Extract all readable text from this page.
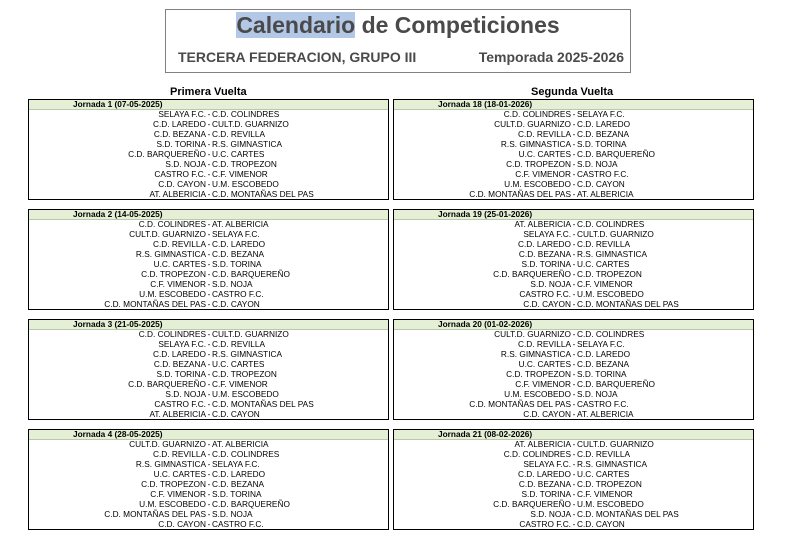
Calendario de Competiciones
TERCERA FEDERACION, GRUPO III	Temporada 2025-2026
Primera Vuelta	Segunda Vuelta
Jornada 1 (07-05-2025)
SELAYA F.C. - C.D. COLINDRES
C.D. LAREDO - CULT.D. GUARNIZO
C.D. BEZANA - C.D. REVILLA
S.D. TORINA - R.S. GIMNASTICA
C.D. BARQUEREÑO - U.C. CARTES
S.D. NOJA - C.D. TROPEZON
CASTRO F.C. - C.F. VIMENOR
C.D. CAYON - U.M. ESCOBEDO
AT. ALBERICIA - C.D. MONTAÑAS DEL PAS
Jornada 18 (18-01-2026)
C.D. COLINDRES - SELAYA F.C.
CULT.D. GUARNIZO - C.D. LAREDO
C.D. REVILLA - C.D. BEZANA
R.S. GIMNASTICA - S.D. TORINA
U.C. CARTES - C.D. BARQUEREÑO
C.D. TROPEZON - S.D. NOJA
C.F. VIMENOR - CASTRO F.C.
U.M. ESCOBEDO - C.D. CAYON
C.D. MONTAÑAS DEL PAS - AT. ALBERICIA
Jornada 2 (14-05-2025)
C.D. COLINDRES - AT. ALBERICIA
CULT.D. GUARNIZO - SELAYA F.C.
C.D. REVILLA - C.D. LAREDO
R.S. GIMNASTICA - C.D. BEZANA
U.C. CARTES - S.D. TORINA
C.D. TROPEZON - C.D. BARQUEREÑO
C.F. VIMENOR - S.D. NOJA
U.M. ESCOBEDO - CASTRO F.C.
C.D. MONTAÑAS DEL PAS - C.D. CAYON
Jornada 19 (25-01-2026)
AT. ALBERICIA - C.D. COLINDRES
SELAYA F.C. - CULT.D. GUARNIZO
C.D. LAREDO - C.D. REVILLA
C.D. BEZANA - R.S. GIMNASTICA
S.D. TORINA - U.C. CARTES
C.D. BARQUEREÑO - C.D. TROPEZON
S.D. NOJA - C.F. VIMENOR
CASTRO F.C. - U.M. ESCOBEDO
C.D. CAYON - C.D. MONTAÑAS DEL PAS
Jornada 3 (21-05-2025)
C.D. COLINDRES - CULT.D. GUARNIZO
SELAYA F.C. - C.D. REVILLA
C.D. LAREDO - R.S. GIMNASTICA
C.D. BEZANA - U.C. CARTES
S.D. TORINA - C.D. TROPEZON
C.D. BARQUEREÑO - C.F. VIMENOR
S.D. NOJA - U.M. ESCOBEDO
CASTRO F.C. - C.D. MONTAÑAS DEL PAS
AT. ALBERICIA - C.D. CAYON
Jornada 20 (01-02-2026)
CULT.D. GUARNIZO - C.D. COLINDRES
C.D. REVILLA - SELAYA F.C.
R.S. GIMNASTICA - C.D. LAREDO
U.C. CARTES - C.D. BEZANA
C.D. TROPEZON - S.D. TORINA
C.F. VIMENOR - C.D. BARQUEREÑO
U.M. ESCOBEDO - S.D. NOJA
C.D. MONTAÑAS DEL PAS - CASTRO F.C.
C.D. CAYON - AT. ALBERICIA
Jornada 4 (28-05-2025)
CULT.D. GUARNIZO - AT. ALBERICIA
C.D. REVILLA - C.D. COLINDRES
R.S. GIMNASTICA - SELAYA F.C.
U.C. CARTES - C.D. LAREDO
C.D. TROPEZON - C.D. BEZANA
C.F. VIMENOR - S.D. TORINA
U.M. ESCOBEDO - C.D. BARQUEREÑO
C.D. MONTAÑAS DEL PAS - S.D. NOJA
C.D. CAYON - CASTRO F.C.
Jornada 21 (08-02-2026)
AT. ALBERICIA - CULT.D. GUARNIZO
C.D. COLINDRES - C.D. REVILLA
SELAYA F.C. - R.S. GIMNASTICA
C.D. LAREDO - U.C. CARTES
C.D. BEZANA - C.D. TROPEZON
S.D. TORINA - C.F. VIMENOR
C.D. BARQUEREÑO - U.M. ESCOBEDO
S.D. NOJA - C.D. MONTAÑAS DEL PAS
CASTRO F.C. - C.D. CAYON
